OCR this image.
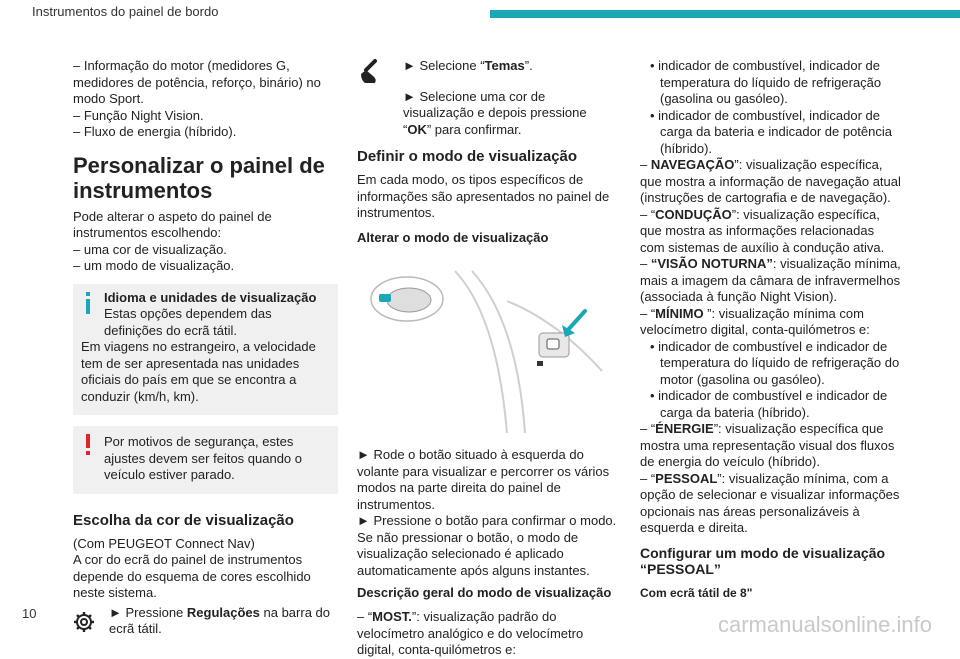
Instrumentos do painel de bordo

– Informação do motor (medidores G, medidores de potência, reforço, binário) no modo Sport.

– Função Night Vision.

– Fluxo de energia (híbrido).

Personalizar o painel de instrumentos

Pode alterar o aspeto do painel de instrumentos escolhendo:

– uma cor de visualização.

– um modo de visualização.

Idioma e unidades de visualização

Estas opções dependem das definições do ecrã tátil.

Em viagens no estrangeiro, a velocidade tem de ser apresentada nas unidades oficiais do país em que se encontra a conduzir (km/h, km).

Por motivos de segurança, estes ajustes devem ser feitos quando o veículo estiver parado.

Escolha da cor de visualização

(Com PEUGEOT Connect Nav)

A cor do ecrã do painel de instrumentos depende do esquema de cores escolhido neste sistema.

► Pressione Regulações na barra do ecrã tátil.

► Selecione “Temas”.

► Selecione uma cor de visualização e depois pressione “OK” para confirmar.

Definir o modo de visualização

Em cada modo, os tipos específicos de informações são apresentados no painel de instrumentos.

Alterar o modo de visualização

► Rode o botão situado à esquerda do volante para visualizar e percorrer os vários modos na parte direita do painel de instrumentos.

► Pressione o botão para confirmar o modo.

Se não pressionar o botão, o modo de visualização selecionado é aplicado automaticamente após alguns instantes.

Descrição geral do modo de visualização

– “MOST.”: visualização padrão do velocímetro analógico e do velocímetro digital, conta-quilómetros e:

• indicador de combustível, indicador de temperatura do líquido de refrigeração (gasolina ou gasóleo).

• indicador de combustível, indicador de carga da bateria e indicador de potência (híbrido).

– NAVEGAÇÃO”: visualização específica, que mostra a informação de navegação atual (instruções de cartografia e de navegação).

– “CONDUÇÃO”: visualização específica, que mostra as informações relacionadas com sistemas de auxílio à condução ativa.

– “VISÃO NOTURNA”: visualização mínima, mais a imagem da câmara de infravermelhos (associada à função Night Vision).

– “MÍNIMO ”: visualização mínima com velocímetro digital, conta-quilómetros e:

• indicador de combustível e indicador de temperatura do líquido de refrigeração do motor (gasolina ou gasóleo).

• indicador de combustível e indicador de carga da bateria (híbrido).

– “ÉNERGIE”: visualização específica que mostra uma representação visual dos fluxos de energia do veículo (híbrido).

– “PESSOAL”: visualização mínima, com a opção de selecionar e visualizar informações opcionais nas áreas personalizáveis à esquerda e direita.

Configurar um modo de visualização “PESSOAL”
Com ecrã tátil de 8"
10	carmanualsonline.info
